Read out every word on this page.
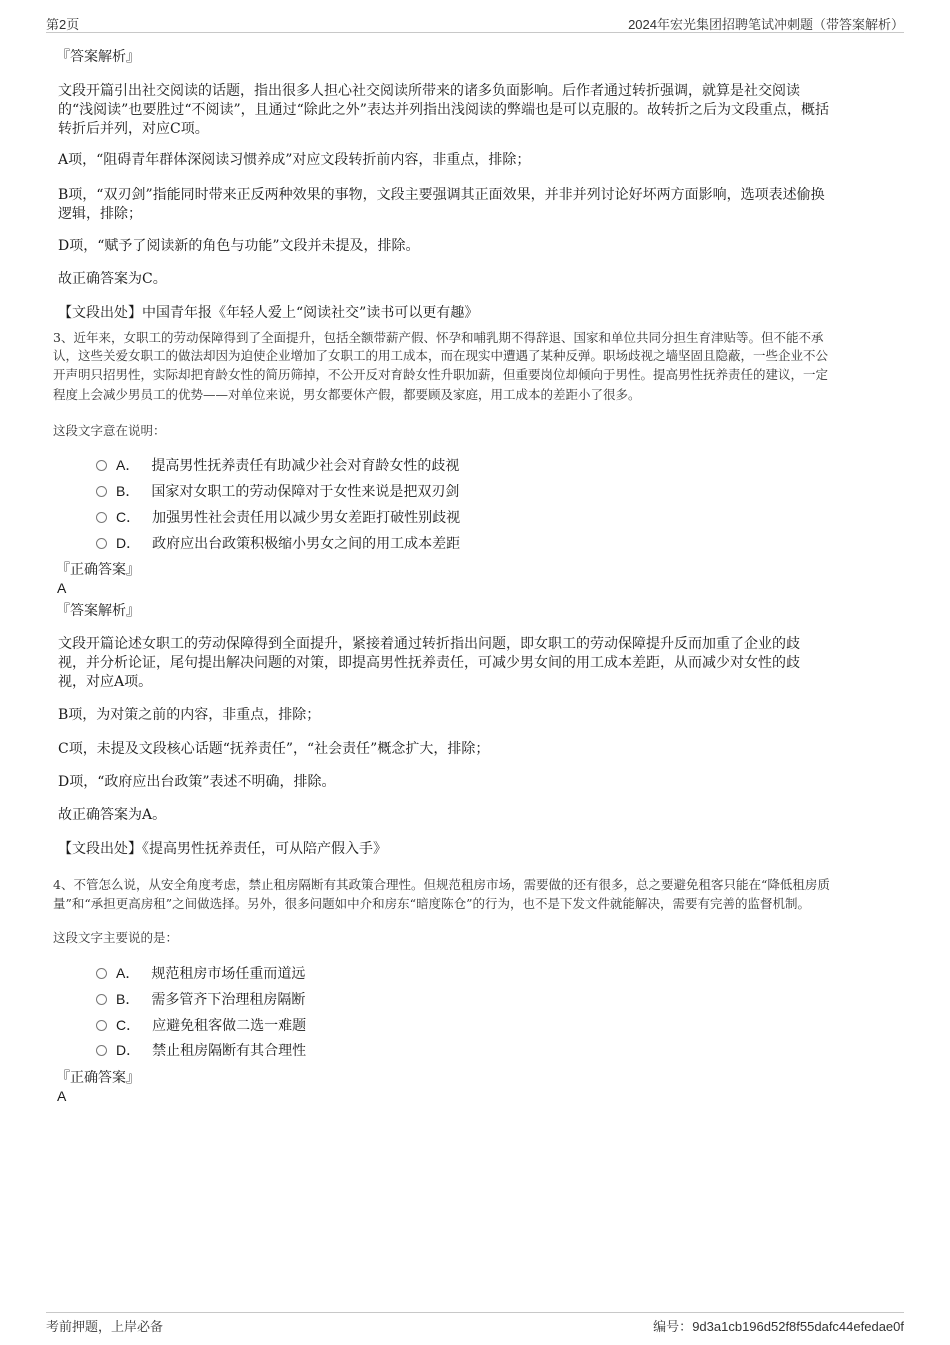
第2页	2024年宏光集团招聘笔试冲刺题（带答案解析）
『答案解析』
文段开篇引出社交阅读的话题，指出很多人担心社交阅读所带来的诸多负面影响。后作者通过转折强调，就算是社交阅读
的“浅阅读”也要胜过“不阅读”，且通过“除此之外”表达并列指出浅阅读的弊端也是可以克服的。故转折之后为文段重点，概括
转折后并列，对应C项。
A项，“阻碍青年群体深阅读习惯养成”对应文段转折前内容，非重点，排除；
B项，“双刃剑”指能同时带来正反两种效果的事物，文段主要强调其正面效果，并非并列讨论好坏两方面影响，选项表述偷换
逻辑，排除；
D项，“赋予了阅读新的角色与功能”文段并未提及，排除。
故正确答案为C。
【文段出处】中国青年报《年轻人爱上“阅读社交”读书可以更有趣》
3、近年来，女职工的劳动保障得到了全面提升，包括全额带薪产假、怀孕和哺乳期不得辞退、国家和单位共同分担生育津贴等。但不能不承
认，这些关爱女职工的做法却因为迫使企业增加了女职工的用工成本，而在现实中遭遇了某种反弹。职场歧视之墙坚固且隐蔽，一些企业不公
开声明只招男性，实际却把育龄女性的简历筛掉，不公开反对育龄女性升职加薪，但重要岗位却倾向于男性。提高男性抚养责任的建议，一定
程度上会减少男员工的优势——对单位来说，男女都要休产假，都要顾及家庭，用工成本的差距小了很多。
这段文字意在说明：
A． 提高男性抚养责任有助减少社会对育龄女性的歧视
B． 国家对女职工的劳动保障对于女性来说是把双刃剑
C． 加强男性社会责任用以减少男女差距打破性别歧视
D． 政府应出台政策积极缩小男女之间的用工成本差距
『正确答案』
A
『答案解析』
文段开篇论述女职工的劳动保障得到全面提升，紧接着通过转折指出问题，即女职工的劳动保障提升反而加重了企业的歧
视，并分析论证，尾句提出解决问题的对策，即提高男性抚养责任，可减少男女间的用工成本差距，从而减少对女性的歧
视，对应A项。
B项，为对策之前的内容，非重点，排除；
C项，未提及文段核心话题“抚养责任”，“社会责任”概念扩大，排除；
D项，“政府应出台政策”表述不明确，排除。
故正确答案为A。
【文段出处】《提高男性抚养责任，可从陪产假入手》
4、不管怎么说，从安全角度考虑，禁止租房隔断有其政策合理性。但规范租房市场，需要做的还有很多，总之要避免租客只能在“降低租房质
量”和“承担更高房租”之间做选择。另外，很多问题如中介和房东“暗度陈仓”的行为，也不是下发文件就能解决，需要有完善的监督机制。
这段文字主要说的是：
A． 规范租房市场任重而道远
B． 需多管齐下治理租房隔断
C． 应避免租客做二选一难题
D． 禁止租房隔断有其合理性
『正确答案』
A
考前押题，上岸必备	编号：9d3a1cb196d52f8f55dafc44efedae0f
